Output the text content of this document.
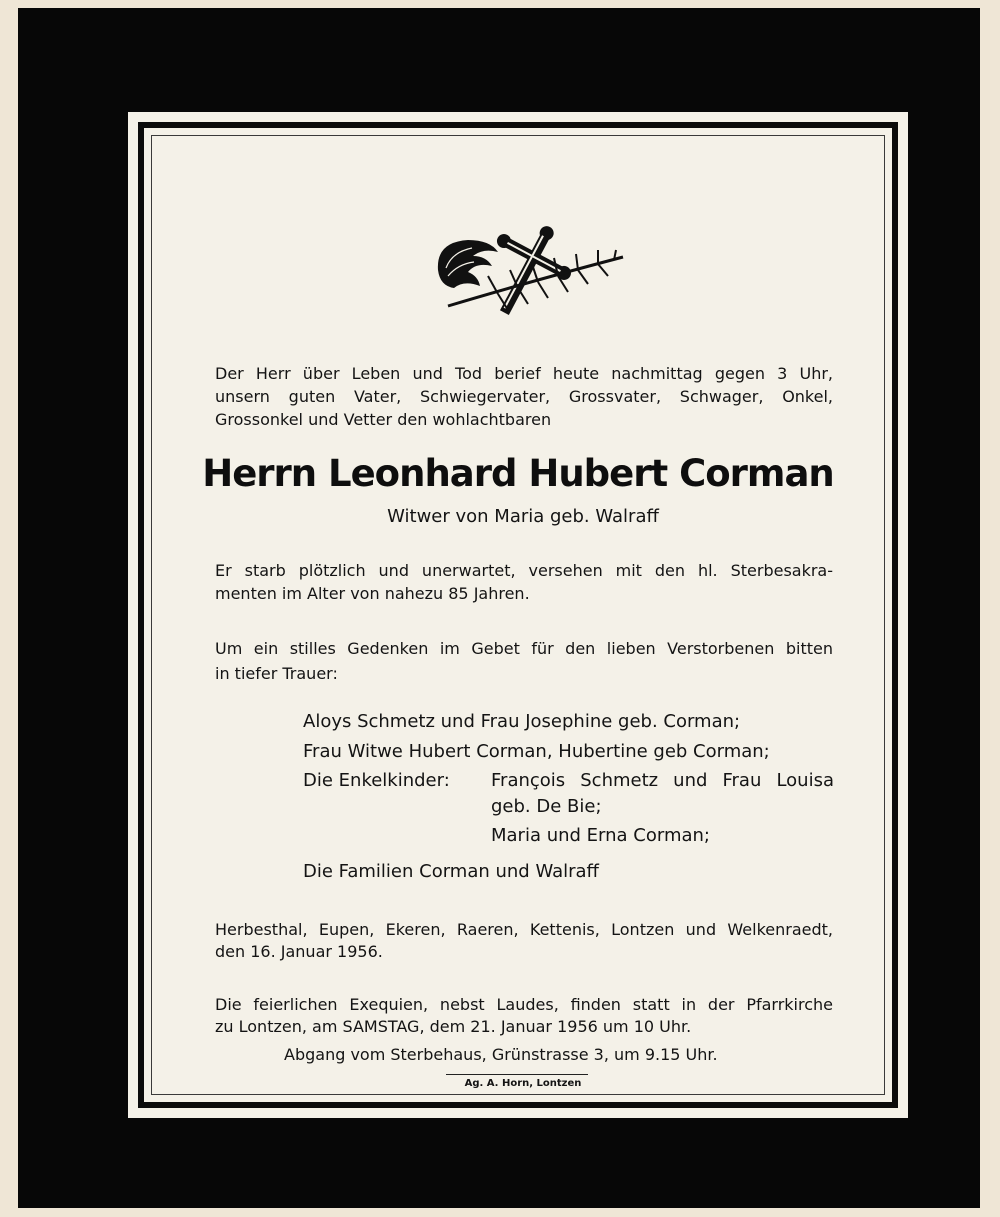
Der Herr über Leben und Tod berief heute nachmittag gegen 3 Uhr,
unsern guten Vater, Schwiegervater, Grossvater, Schwager, Onkel,
Grossonkel und Vetter den wohlachtbaren
Herrn Leonhard Hubert Corman
Witwer von Maria geb. Walraff
Er starb plötzlich und unerwartet, versehen mit den hl. Sterbesakra-
menten im Alter von nahezu 85 Jahren.
Um ein stilles Gedenken im Gebet für den lieben Verstorbenen bitten
in tiefer Trauer:
Aloys Schmetz und Frau Josephine geb. Corman;
Frau Witwe Hubert Corman, Hubertine geb Corman;
Die Enkelkinder: François Schmetz und Frau Louisa
geb. De Bie;
Maria und Erna Corman;
Die Familien Corman und Walraff
Herbesthal, Eupen, Ekeren, Raeren, Kettenis, Lontzen und Welkenraedt,
den 16. Januar 1956.
Die feierlichen Exequien, nebst Laudes, finden statt in der Pfarrkirche
zu Lontzen, am SAMSTAG, dem 21. Januar 1956 um 10 Uhr.
Abgang vom Sterbehaus, Grünstrasse 3, um 9.15 Uhr.
Ag. A. Horn, Lontzen
